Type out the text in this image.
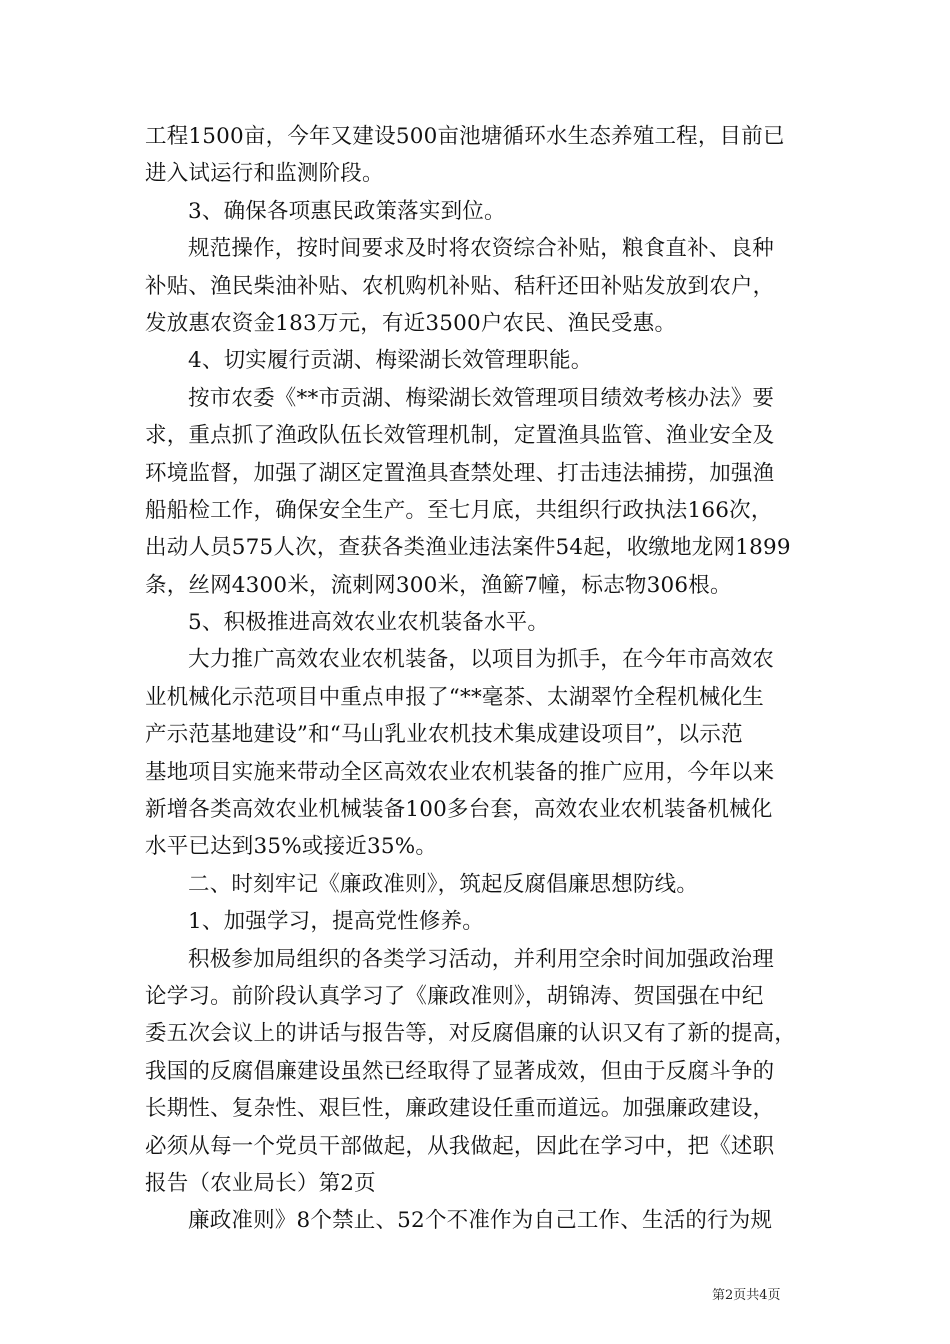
工程1500亩，今年又建设500亩池塘循环水生态养殖工程，目前已
进入试运行和监测阶段。
3、确保各项惠民政策落实到位。
规范操作，按时间要求及时将农资综合补贴，粮食直补、良种
补贴、渔民柴油补贴、农机购机补贴、秸秆还田补贴发放到农户，
发放惠农资金183万元，有近3500户农民、渔民受惠。
4、切实履行贡湖、梅梁湖长效管理职能。
按市农委《**市贡湖、梅梁湖长效管理项目绩效考核办法》要
求，重点抓了渔政队伍长效管理机制，定置渔具监管、渔业安全及
环境监督，加强了湖区定置渔具查禁处理、打击违法捕捞，加强渔
船船检工作，确保安全生产。至七月底，共组织行政执法166次，
出动人员575人次，查获各类渔业违法案件54起，收缴地龙网1899
条，丝网4300米，流刺网300米，渔簖7幢，标志物306根。
5、积极推进高效农业农机装备水平。
大力推广高效农业农机装备，以项目为抓手，在今年市高效农
业机械化示范项目中重点申报了“**毫茶、太湖翠竹全程机械化生
产示范基地建设”和“马山乳业农机技术集成建设项目”，以示范
基地项目实施来带动全区高效农业农机装备的推广应用，今年以来
新增各类高效农业机械装备100多台套，高效农业农机装备机械化
水平已达到35%或接近35%。
二、时刻牢记《廉政准则》，筑起反腐倡廉思想防线。
1、加强学习，提高党性修养。
积极参加局组织的各类学习活动，并利用空余时间加强政治理
论学习。前阶段认真学习了《廉政准则》，胡锦涛、贺国强在中纪
委五次会议上的讲话与报告等，对反腐倡廉的认识又有了新的提高，
我国的反腐倡廉建设虽然已经取得了显著成效，但由于反腐斗争的
长期性、复杂性、艰巨性，廉政建设任重而道远。加强廉政建设，
必须从每一个党员干部做起，从我做起，因此在学习中，把《述职
报告（农业局长）第2页
廉政准则》8个禁止、52个不准作为自己工作、生活的行为规
第2页共4页
